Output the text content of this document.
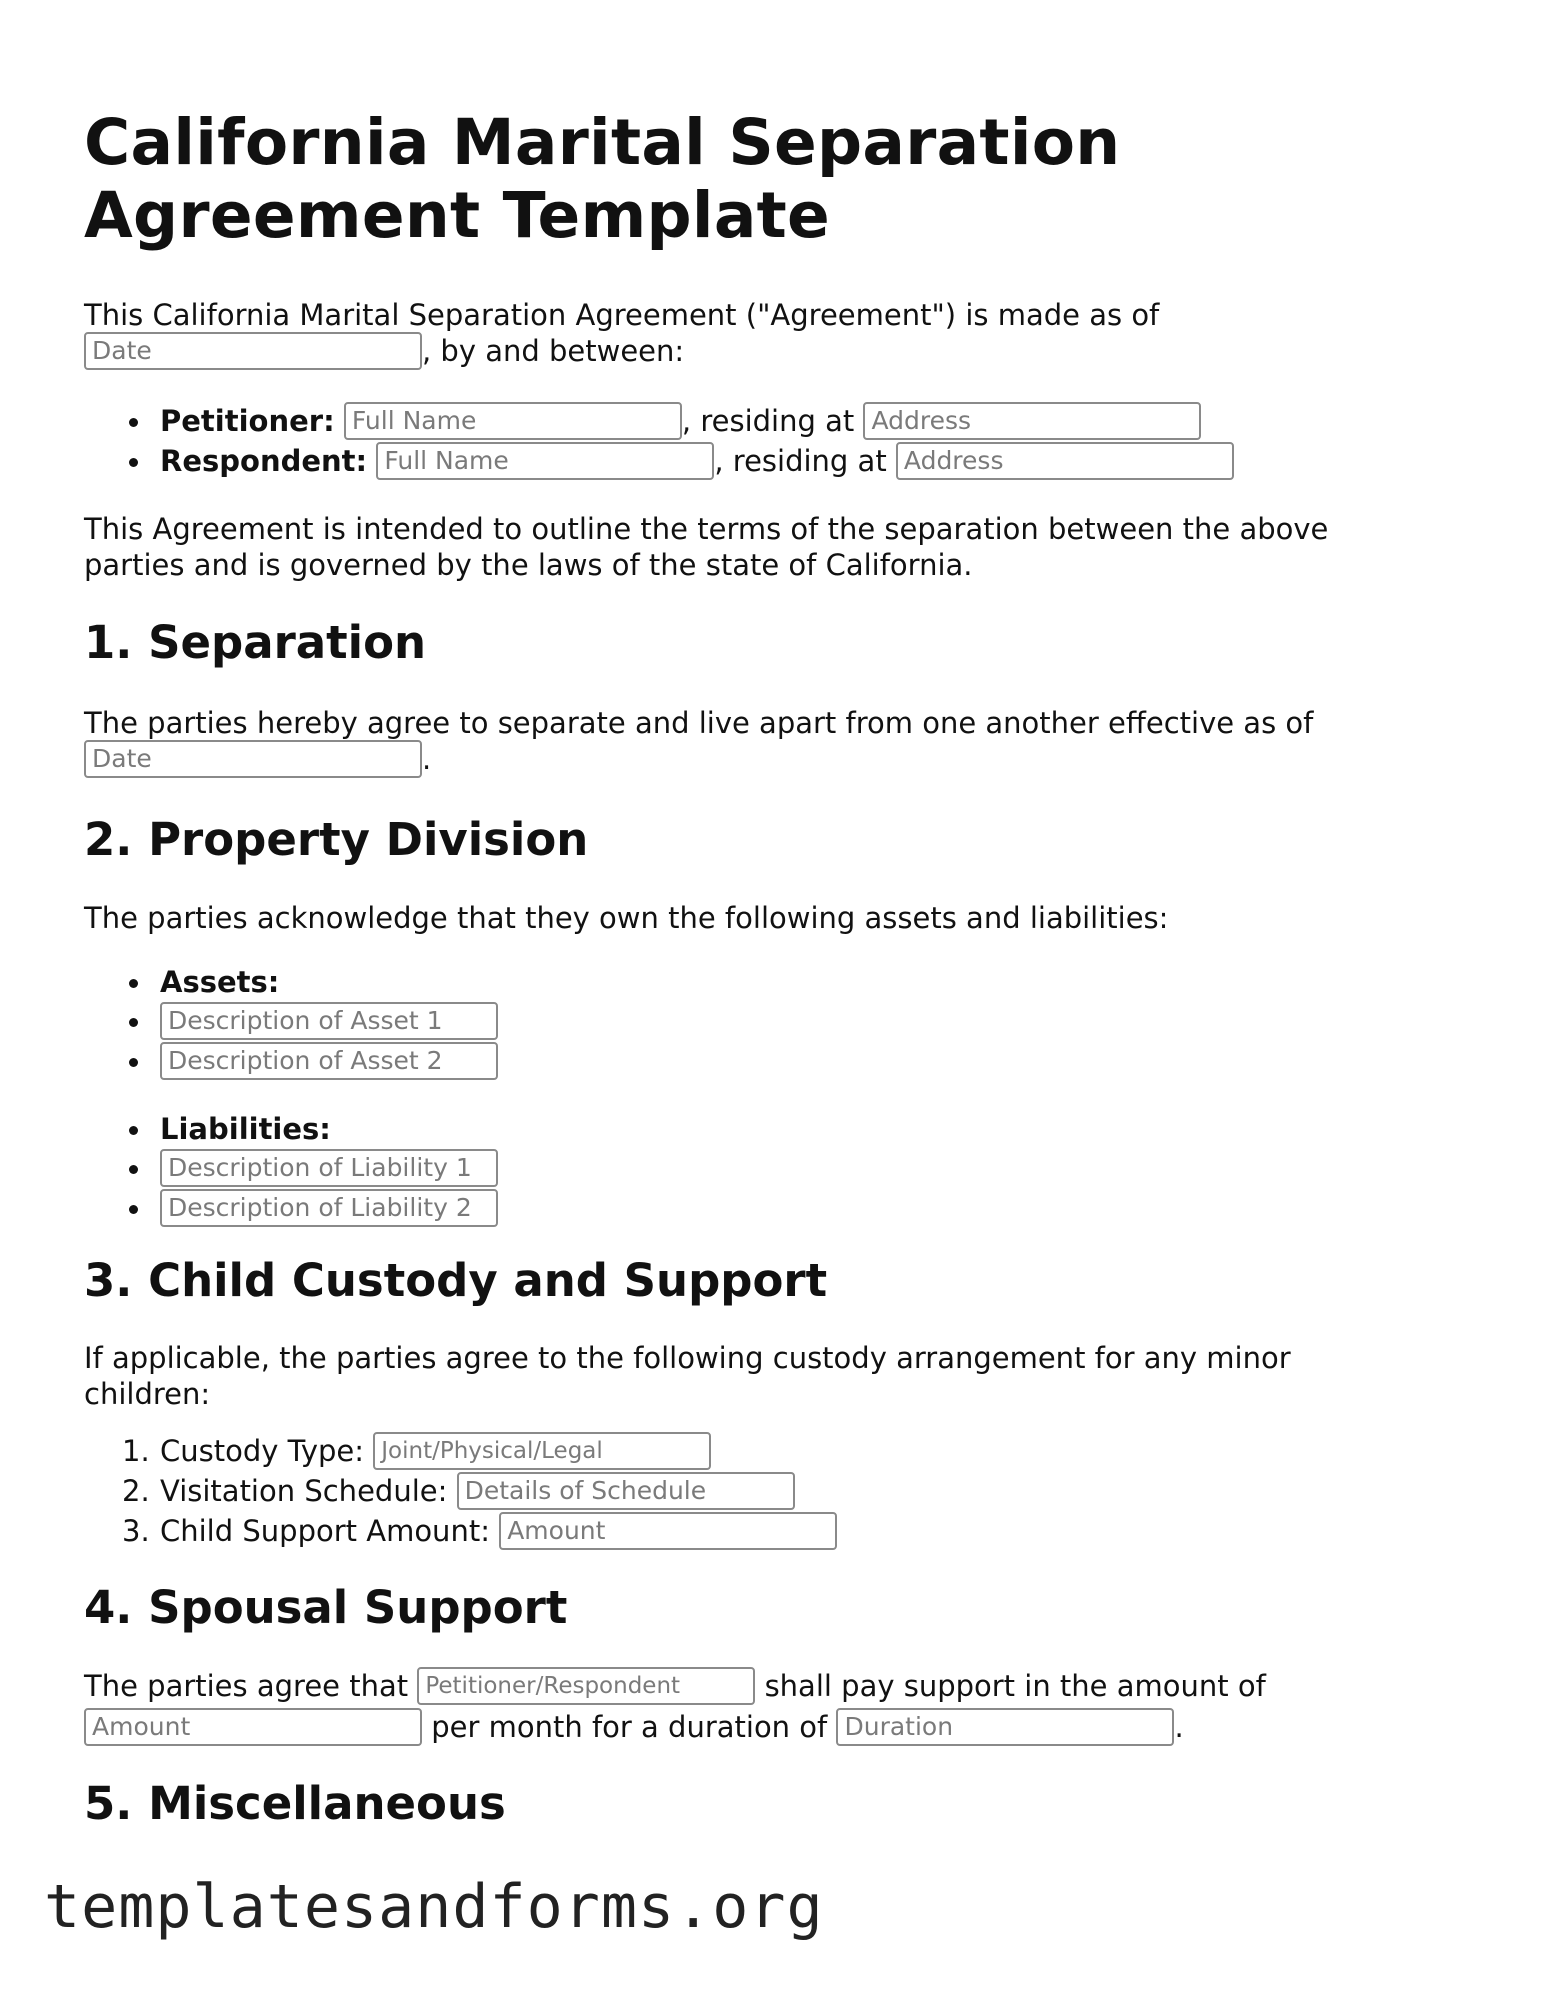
California Marital Separation Agreement Template
This California Marital Separation Agreement ("Agreement") is made as of
Date	, by and between:
Petitioner: Full Name	, residing at Address
Respondent: Full Name	, residing at Address

This Agreement is intended to outline the terms of the separation between the above parties and is governed by the laws of the state of California.

1. Separation
The parties hereby agree to separate and live apart from one another effective as of
Date	.
2. Property Division

The parties acknowledge that they own the following assets and liabilities:

Assets:
Description of Asset 1
Description of Asset 2
Liabilities:
Description of Liability 1
Description of Liability 2
3. Child Custody and Support

If applicable, the parties agree to the following custody arrangement for any minor children:

1. Custody Type: Joint/Physical/Legal
2. Visitation Schedule: Details of Schedule
3. Child Support Amount: Amount
4. Spousal Support
The parties agree that Petitioner/Respondent	shall pay support in the amount of
Amount	per month for a duration of Duration	.
5. Miscellaneous
templatesandforms.org
